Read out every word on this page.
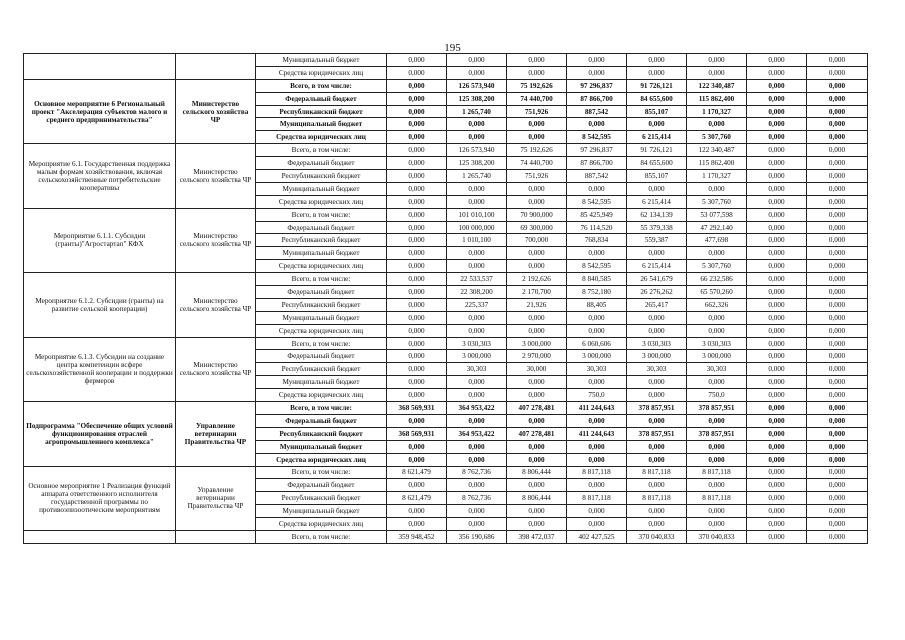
195
		Муниципальный бюджет	0,000	0,000	0,000	0,000	0,000	0,000	0,000	0,000
		Средства юридических лиц	0,000	0,000	0,000	0,000	0,000	0,000	0,000	0,000
Основное мероприятие 6 Региональный проект "Акселерация субъектов малого и среднего предпринимательства"	Министерство сельского хозяйства ЧР	Всего, в том числе:	0,000	126 573,940	75 192,626	97 296,837	91 726,121	122 340,487	0,000	0,000
		Федеральный бюджет	0,000	125 308,200	74 440,700	87 866,700	84 655,600	115 862,400	0,000	0,000
		Республиканский бюджет	0,000	1 265,740	751,926	887,542	855,107	1 170,327	0,000	0,000
		Муниципальный бюджет	0,000	0,000	0,000	0,000	0,000	0,000	0,000	0,000
		Средства юридических лиц	0,000	0,000	0,000	8 542,595	6 215,414	5 307,760	0,000	0,000
Мероприятие 6.1. Государственная поддержка малым формам хозяйствования, включая сельскохозяйственные потребительские кооперативы	Министерство сельского хозяйства ЧР	Всего, в том числе:	0,000	126 573,940	75 192,626	97 296,837	91 726,121	122 340,487	0,000	0,000
		Федеральный бюджет	0,000	125 308,200	74 440,700	87 866,700	84 655,600	115 862,400	0,000	0,000
		Республиканский бюджет	0,000	1 265,740	751,926	887,542	855,107	1 170,327	0,000	0,000
		Муниципальный бюджет	0,000	0,000	0,000	0,000	0,000	0,000	0,000	0,000
		Средства юридических лиц	0,000	0,000	0,000	8 542,595	6 215,414	5 307,760	0,000	0,000
Мероприятие 6.1.1. Субсидии (гранты)"Агростартап" КФХ	Министерство сельского хозяйства ЧР	Всего, в том числе:	0,000	101 010,100	70 900,000	85 425,949	62 134,139	53 077,598	0,000	0,000
		Федеральный бюджет	0,000	100 000,000	69 300,000	76 114,520	55 379,338	47 292,140	0,000	0,000
		Республиканский бюджет	0,000	1 010,100	700,000	768,834	559,387	477,698	0,000	0,000
		Муниципальный бюджет	0,000	0,000	0,000	0,000	0,000	0,000	0,000	0,000
		Средства юридических лиц	0,000	0,000	0,000	8 542,595	6 215,414	5 307,760	0,000	0,000
Мероприятие 6.1.2. Субсидии (гранты) на развитие сельской кооперации)	Министерство сельского хозяйства ЧР	Всего, в том числе:	0,000	22 533,537	2 192,626	8 840,585	26 541,679	66 232,586	0,000	0,000
		Федеральный бюджет	0,000	22 308,200	2 170,700	8 752,180	26 276,262	65 570,260	0,000	0,000
		Республиканский бюджет	0,000	225,337	21,926	88,405	265,417	662,326	0,000	0,000
		Муниципальный бюджет	0,000	0,000	0,000	0,000	0,000	0,000	0,000	0,000
		Средства юридических лиц	0,000	0,000	0,000	0,000	0,000	0,000	0,000	0,000
Мероприятие 6.1.3. Субсидии на создание центра компетенции всфере сельскохозяйственной кооперации и поддержки фермеров	Министерство сельского хозяйства ЧР	Всего, в том числе:	0,000	3 030,303	3 000,000	6 060,606	3 030,303	3 030,303	0,000	0,000
		Федеральный бюджет	0,000	3 000,000	2 970,000	3 000,000	3 000,000	3 000,000	0,000	0,000
		Республиканский бюджет	0,000	30,303	30,000	30,303	30,303	30,303	0,000	0,000
		Муниципальный бюджет	0,000	0,000	0,000	0,000	0,000	0,000	0,000	0,000
		Средства юридических лиц	0,000	0,000	0,000	750,0	0,000	750,0	0,000	0,000
Подпрограмма "Обеспечение общих условий функционирования отраслей агропромышленного комплекса"	Управление ветеринарии Правительства ЧР	Всего, в том числе:	368 569,931	364 953,422	407 278,481	411 244,643	378 857,951	378 857,951	0,000	0,000
		Федеральный бюджет	0,000	0,000	0,000	0,000	0,000	0,000	0,000	0,000
		Республиканский бюджет	368 569,931	364 953,422	407 278,481	411 244,643	378 857,951	378 857,951	0,000	0,000
		Муниципальный бюджет	0,000	0,000	0,000	0,000	0,000	0,000	0,000	0,000
		Средства юридических лиц	0,000	0,000	0,000	0,000	0,000	0,000	0,000	0,000
Основное мероприятие 1 Реализация функций аппарата ответственного исполнителя государственной программы по противоэпизоотическим мероприятиям	Управление ветеринарии Правительства ЧР	Всего, в том числе:	8 621,479	8 762,736	8 806,444	8 817,118	8 817,118	8 817,118	0,000	0,000
		Федеральный бюджет	0,000	0,000	0,000	0,000	0,000	0,000	0,000	0,000
		Республиканский бюджет	8 621,479	8 762,736	8 806,444	8 817,118	8 817,118	8 817,118	0,000	0,000
		Муниципальный бюджет	0,000	0,000	0,000	0,000	0,000	0,000	0,000	0,000
		Средства юридических лиц	0,000	0,000	0,000	0,000	0,000	0,000	0,000	0,000
		Всего, в том числе:	359 948,452	356 190,686	398 472,037	402 427,525	370 040,833	370 040,833	0,000	0,000
